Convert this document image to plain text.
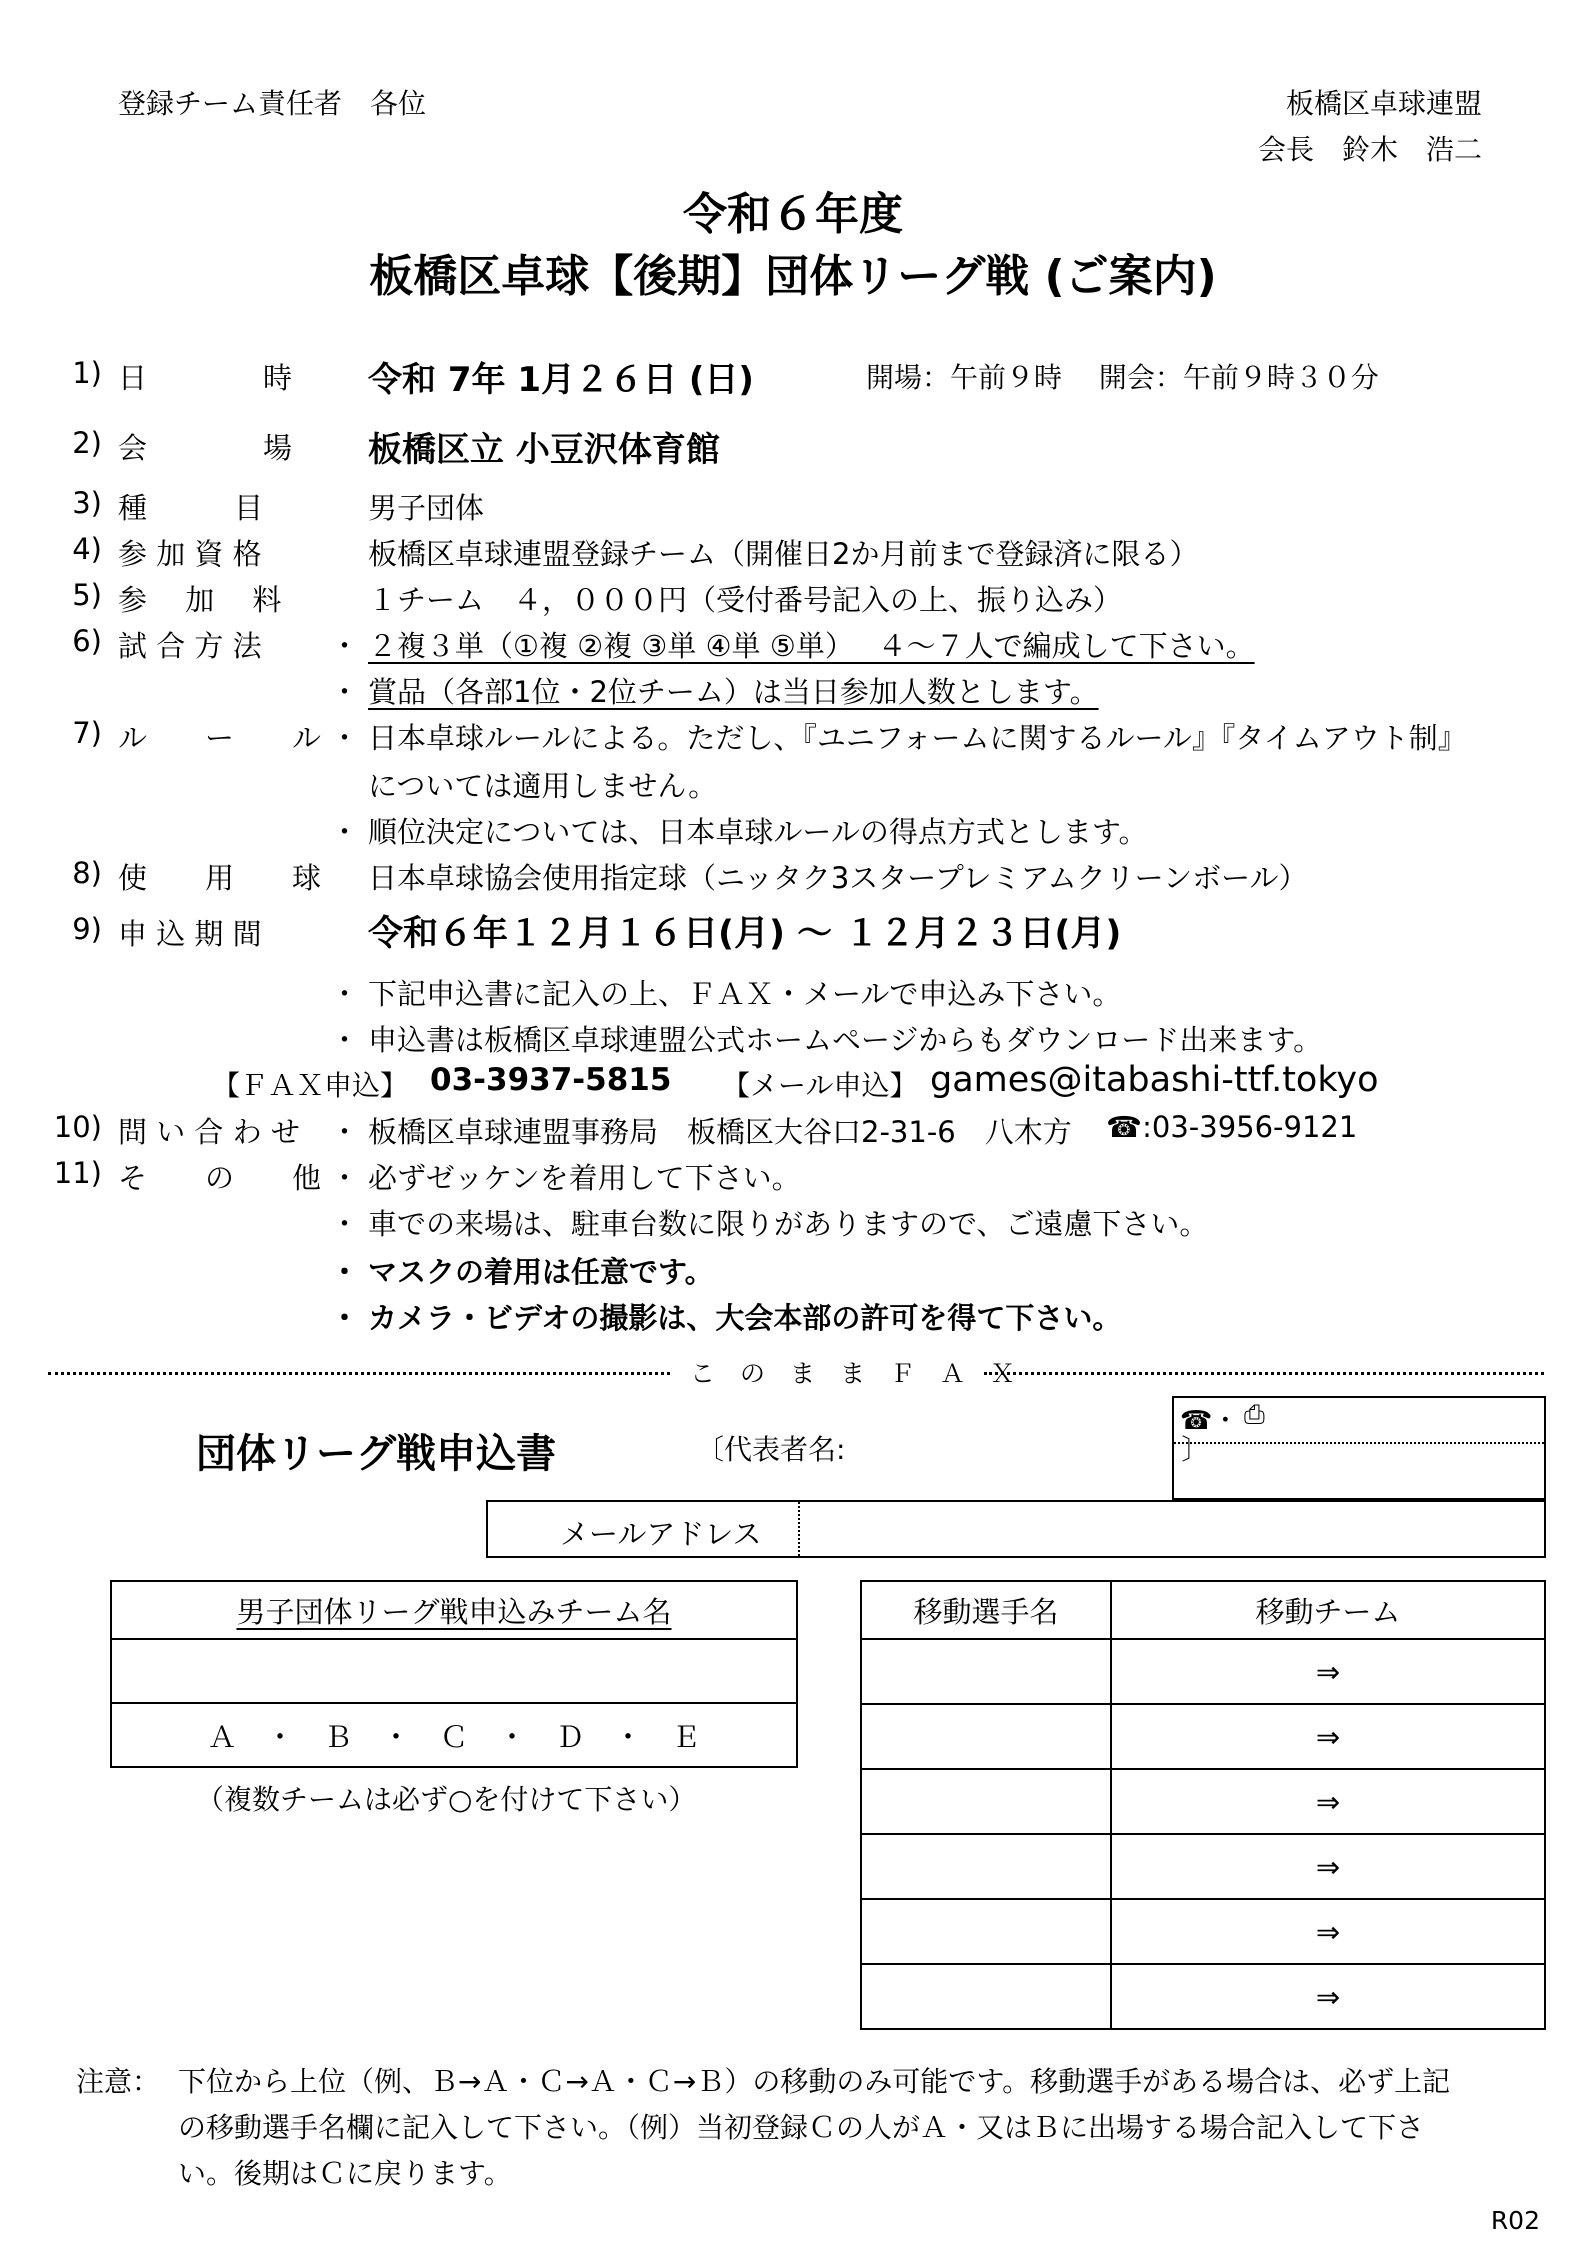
登録チーム責任者　各位	板橋区卓球連盟
会長　鈴木　浩二
令和６年度
板橋区卓球【後期】団体リーグ戦 (ご案内)
1) 日　　　　時 令和 7年 1月２６日 (日)	開場：午前９時　 開会：午前９時３０分
2) 会　　　　場 板橋区立 小豆沢体育館
3) 種　　　目	男子団体
4) 参 加 資 格	板橋区卓球連盟登録チーム（開催日2か月前まで登録済に限る）
5) 参　 加　 料	１チーム　４，０００円（受付番号記入の上、振り込み）
6) 試 合 方 法 ・ ２複３単（①複 ②複 ③単 ④単 ⑤単）　 ４～７人で編成して下さい。
・ 賞品（各部1位・2位チーム）は当日参加人数とします。
7) ル　　ー　　ル ・ 日本卓球ルールによる。ただし、『ユニフォームに関するルール』『タイムアウト制』
については適用しません。
・ 順位決定については、日本卓球ルールの得点方式とします。
8) 使　　用　　球 日本卓球協会使用指定球（ニッタク3スタープレミアムクリーンボール）
9) 申 込 期 間	令和６年１２月１６日(月) ～ １２月２３日(月)
・ 下記申込書に記入の上、ＦＡＸ・メールで申込み下さい。
・ 申込書は板橋区卓球連盟公式ホームページからもダウンロード出来ます。
【ＦＡＸ申込】 03-3937-5815 【メール申込】 games@itabashi-ttf.tokyo
10) 問 い 合 わ せ ・ 板橋区卓球連盟事務局　板橋区大谷口2-31-6　八木方　 ☎:03-3956-9121
11) そ　　の　　他 ・ 必ずゼッケンを着用して下さい。
・ 車での来場は、駐車台数に限りがありますので、ご遠慮下さい。
・ マスクの着用は任意です。
・ カメラ・ビデオの撮影は、大会本部の許可を得て下さい。
こ　の　ま　ま　Ｆ　Ａ　Ｘ
団体リーグ戦申込書	〔代表者名:　　　　　　　　　　　　〕
☎・ ⎙
メールアドレス
男子団体リーグ戦申込みチーム名

Ａ　・　Ｂ　・　Ｃ　・　Ｄ　・　Ｅ
（複数チームは必ず○を付けて下さい）
移動選手名	移動チーム
	⇒
	⇒
	⇒
	⇒
	⇒
	⇒
注意： 下位から上位（例、Ｂ→Ａ・Ｃ→Ａ・Ｃ→Ｂ）の移動のみ可能です。移動選手がある場合は、必ず上記
の移動選手名欄に記入して下さい。（例）当初登録Ｃの人がＡ・又はＢに出場する場合記入して下さ
い。後期はＣに戻ります。
R02
